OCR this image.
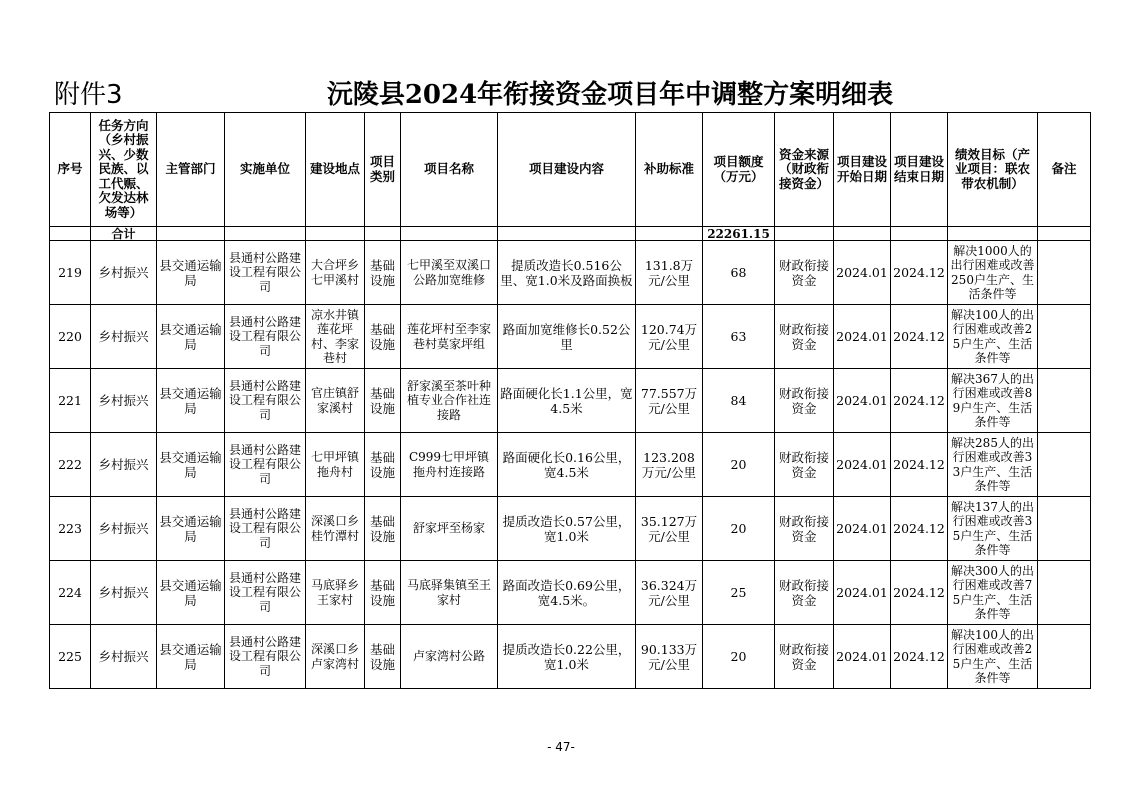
附件3	沅陵县2024年衔接资金项目年中调整方案明细表
序号	任务方向（乡村振兴、少数民族、以工代赈、欠发达林场等）	主管部门	实施单位	建设地点	项目类别	项目名称	项目建设内容	补助标准	项目额度（万元）	资金来源（财政衔接资金）	项目建设开始日期	项目建设结束日期	绩效目标（产业项目：联农带农机制）	备注
	合计								22261.15					
219	乡村振兴	县交通运输局	县通村公路建设工程有限公司	大合坪乡七甲溪村	基础设施	七甲溪至双溪口公路加宽维修	提质改造长0.516公里、宽1.0米及路面换板	131.8万元/公里	68	财政衔接资金	2024.01	2024.12	解决1000人的出行困难或改善250户生产、生活条件等	
220	乡村振兴	县交通运输局	县通村公路建设工程有限公司	凉水井镇莲花坪村、李家巷村	基础设施	莲花坪村至李家巷村莫家坪组	路面加宽维修长0.52公里	120.74万元/公里	63	财政衔接资金	2024.01	2024.12	解决100人的出行困难或改善25户生产、生活条件等	
221	乡村振兴	县交通运输局	县通村公路建设工程有限公司	官庄镇舒家溪村	基础设施	舒家溪至茶叶种植专业合作社连接路	路面硬化长1.1公里，宽4.5米	77.557万元/公里	84	财政衔接资金	2024.01	2024.12	解决367人的出行困难或改善89户生产、生活条件等	
222	乡村振兴	县交通运输局	县通村公路建设工程有限公司	七甲坪镇拖舟村	基础设施	C999七甲坪镇拖舟村连接路	路面硬化长0.16公里，宽4.5米	123.208万元/公里	20	财政衔接资金	2024.01	2024.12	解决285人的出行困难或改善33户生产、生活条件等	
223	乡村振兴	县交通运输局	县通村公路建设工程有限公司	深溪口乡桂竹潭村	基础设施	舒家坪至杨家	提质改造长0.57公里，宽1.0米	35.127万元/公里	20	财政衔接资金	2024.01	2024.12	解决137人的出行困难或改善35户生产、生活条件等	
224	乡村振兴	县交通运输局	县通村公路建设工程有限公司	马底驿乡王家村	基础设施	马底驿集镇至王家村	路面改造长0.69公里，宽4.5米。	36.324万元/公里	25	财政衔接资金	2024.01	2024.12	解决300人的出行困难或改善75户生产、生活条件等	
225	乡村振兴	县交通运输局	县通村公路建设工程有限公司	深溪口乡卢家湾村	基础设施	卢家湾村公路	提质改造长0.22公里，宽1.0米	90.133万元/公里	20	财政衔接资金	2024.01	2024.12	解决100人的出行困难或改善25户生产、生活条件等	
- 47-
